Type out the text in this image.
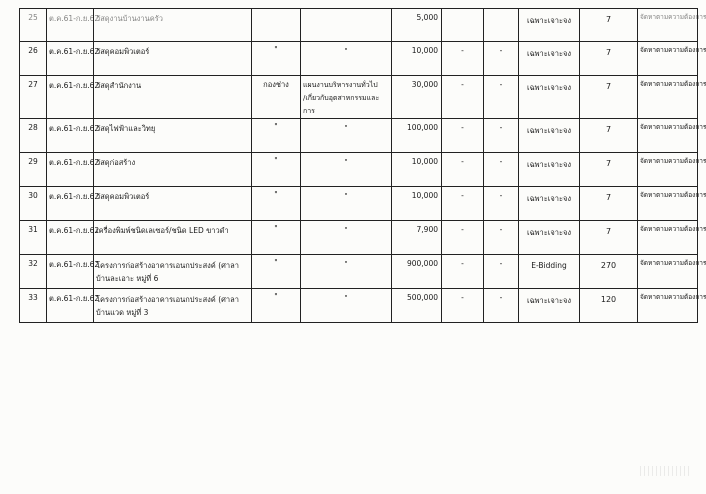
25	ต.ค.61-ก.ย.62	วัสดุงานบ้านงานครัว			5,000			เฉพาะเจาะจง	7	จัดหาตามความต้องการ
26	ต.ค.61-ก.ย.62	วัสดุคอมพิวเตอร์	"	"	10,000	-	-	เฉพาะเจาะจง	7	จัดหาตามความต้องการ
27	ต.ค.61-ก.ย.62	วัสดุสำนักงาน	กองช่าง	แผนงานบริหารงานทั่วไป
/เกี่ยวกับอุตสาหกรรมและการ	30,000	-	-	เฉพาะเจาะจง	7	จัดหาตามความต้องการ
28	ต.ค.61-ก.ย.62	วัสดุไฟฟ้าและวิทยุ	"	"	100,000	-	-	เฉพาะเจาะจง	7	จัดหาตามความต้องการ
29	ต.ค.61-ก.ย.62	วัสดุก่อสร้าง	"	"	10,000	-	-	เฉพาะเจาะจง	7	จัดหาตามความต้องการ
30	ต.ค.61-ก.ย.62	วัสดุคอมพิวเตอร์	"	"	10,000	-	-	เฉพาะเจาะจง	7	จัดหาตามความต้องการ
31	ต.ค.61-ก.ย.62	เครื่องพิมพ์ชนิดเลเซอร์/ชนิด LED ขาวดำ	"	"	7,900	-	-	เฉพาะเจาะจง	7	จัดหาตามความต้องการ
32	ต.ค.61-ก.ย.62	โครงการก่อสร้างอาคารเอนกประสงค์ (ศาลา
บ้านละเอาะ หมู่ที่ 6	"	"	900,000	-	-	E-Bidding	270	จัดหาตามความต้องการ
33	ต.ค.61-ก.ย.62	โครงการก่อสร้างอาคารเอนกประสงค์ (ศาลา
บ้านแวด หมู่ที่ 3	"	"	500,000	-	-	เฉพาะเจาะจง	120	จัดหาตามความต้องการ
